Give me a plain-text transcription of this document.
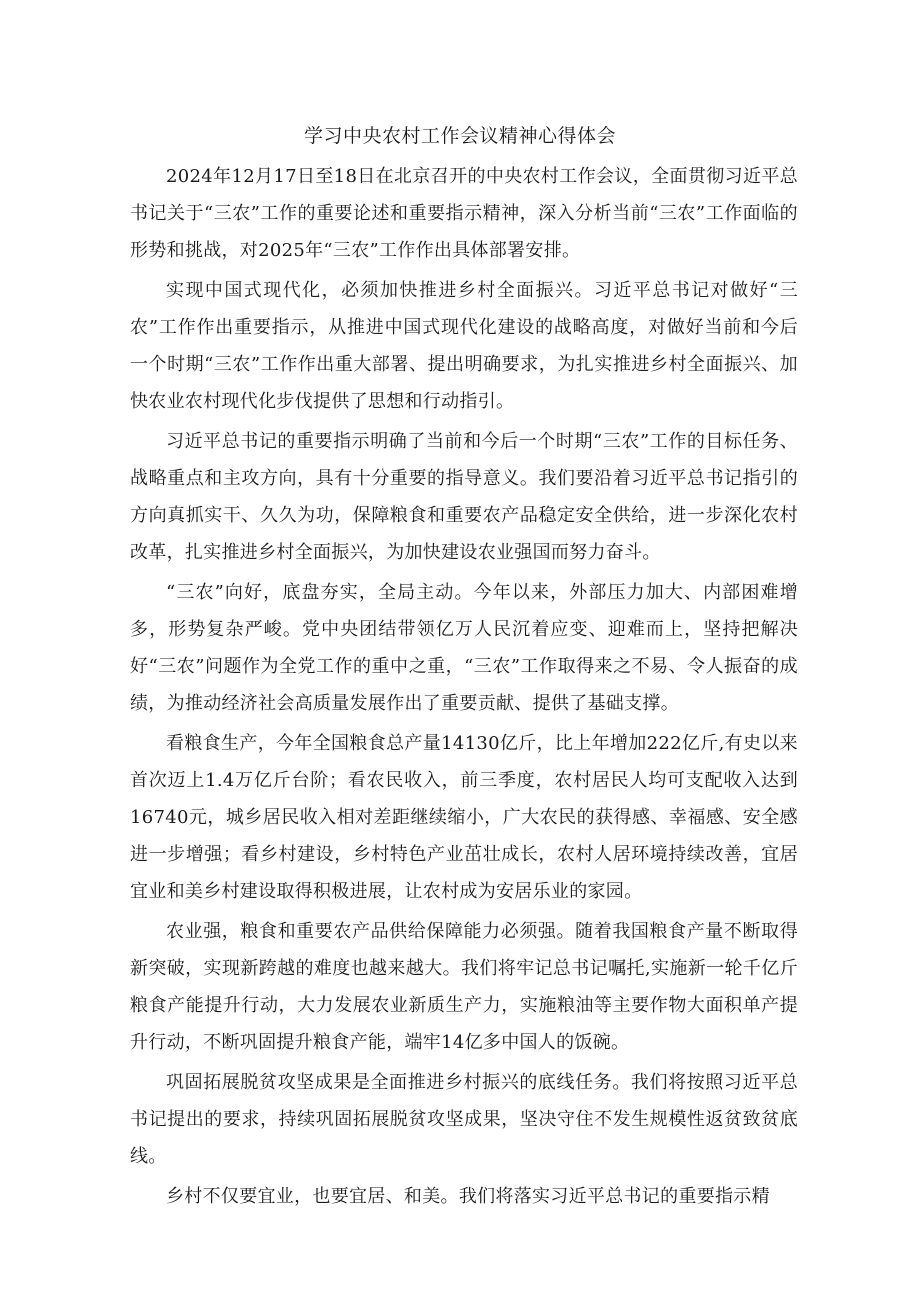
学习中央农村工作会议精神心得体会

2024年12月17日至18日在北京召开的中央农村工作会议，全面贯彻习近平总书记关于“三农”工作的重要论述和重要指示精神，深入分析当前“三农”工作面临的形势和挑战，对2025年“三农”工作作出具体部署安排。

实现中国式现代化，必须加快推进乡村全面振兴。习近平总书记对做好“三农”工作作出重要指示，从推进中国式现代化建设的战略高度，对做好当前和今后一个时期“三农”工作作出重大部署、提出明确要求，为扎实推进乡村全面振兴、加快农业农村现代化步伐提供了思想和行动指引。

习近平总书记的重要指示明确了当前和今后一个时期“三农”工作的目标任务、战略重点和主攻方向，具有十分重要的指导意义。我们要沿着习近平总书记指引的方向真抓实干、久久为功，保障粮食和重要农产品稳定安全供给，进一步深化农村改革，扎实推进乡村全面振兴，为加快建设农业强国而努力奋斗。

“三农”向好，底盘夯实，全局主动。今年以来，外部压力加大、内部困难增多，形势复杂严峻。党中央团结带领亿万人民沉着应变、迎难而上，坚持把解决好“三农”问题作为全党工作的重中之重，“三农”工作取得来之不易、令人振奋的成绩，为推动经济社会高质量发展作出了重要贡献、提供了基础支撑。

看粮食生产，今年全国粮食总产量14130亿斤，比上年增加222亿斤,有史以来首次迈上1.4万亿斤台阶；看农民收入，前三季度，农村居民人均可支配收入达到16740元，城乡居民收入相对差距继续缩小，广大农民的获得感、幸福感、安全感进一步增强；看乡村建设，乡村特色产业茁壮成长，农村人居环境持续改善，宜居宜业和美乡村建设取得积极进展，让农村成为安居乐业的家园。

农业强，粮食和重要农产品供给保障能力必须强。随着我国粮食产量不断取得新突破，实现新跨越的难度也越来越大。我们将牢记总书记嘱托,实施新一轮千亿斤粮食产能提升行动，大力发展农业新质生产力，实施粮油等主要作物大面积单产提升行动，不断巩固提升粮食产能，端牢14亿多中国人的饭碗。

巩固拓展脱贫攻坚成果是全面推进乡村振兴的底线任务。我们将按照习近平总书记提出的要求，持续巩固拓展脱贫攻坚成果，坚决守住不发生规模性返贫致贫底线。

乡村不仅要宜业，也要宜居、和美。我们将落实习近平总书记的重要指示精
